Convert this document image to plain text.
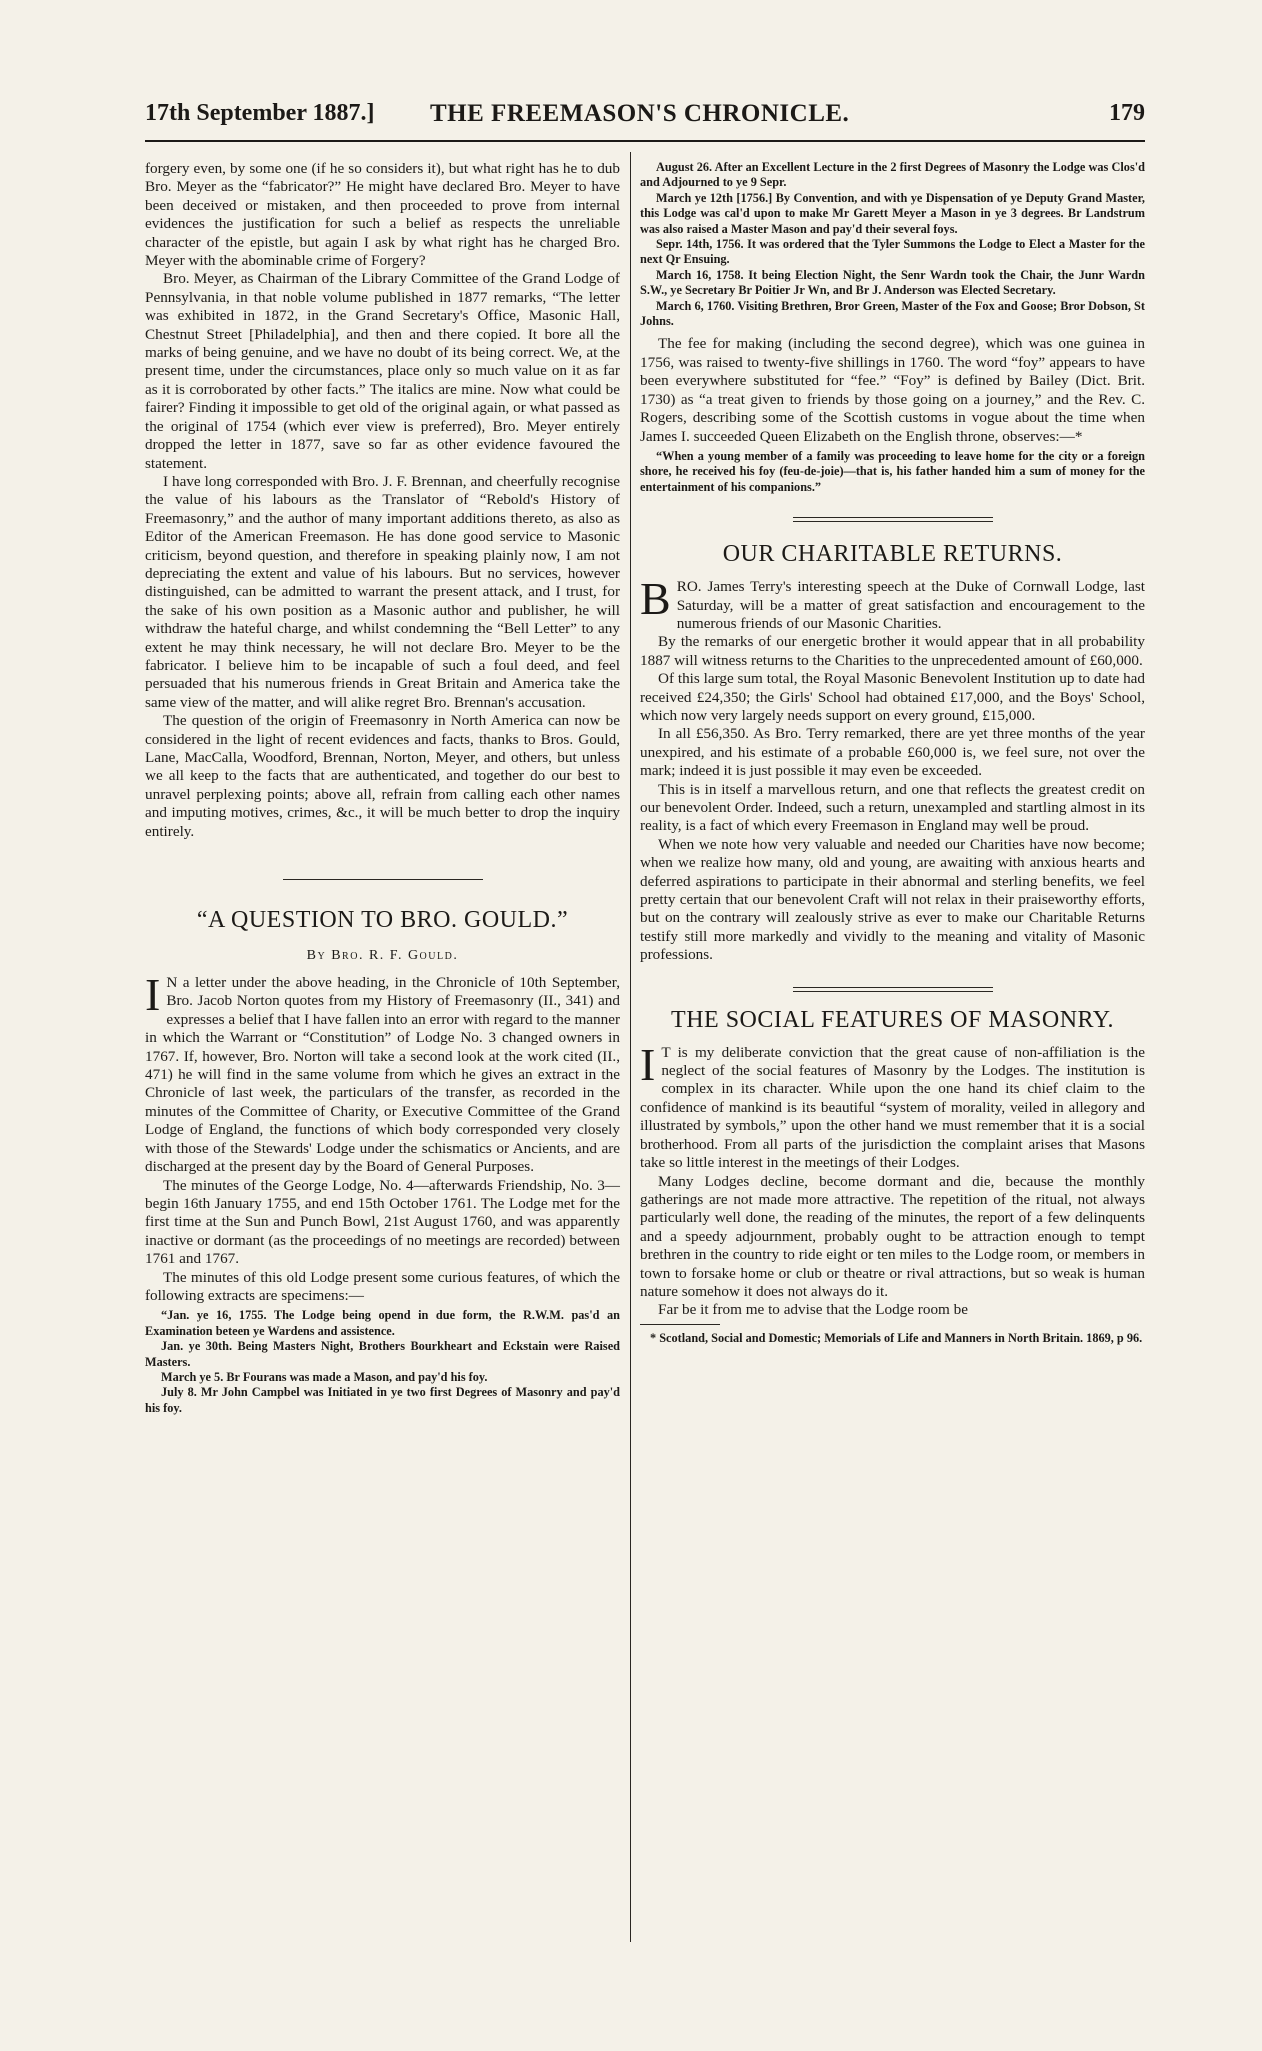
17th September 1887.] THE FREEMASON'S CHRONICLE.	179

forgery even, by some one (if he so considers it), but what right has he to dub Bro. Meyer as the “fabricator?” He might have declared Bro. Meyer to have been deceived or mistaken, and then proceeded to prove from internal evidences the justification for such a belief as respects the unreliable character of the epistle, but again I ask by what right has he charged Bro. Meyer with the abominable crime of Forgery?

Bro. Meyer, as Chairman of the Library Committee of the Grand Lodge of Pennsylvania, in that noble volume published in 1877 remarks, “The letter was exhibited in 1872, in the Grand Secretary's Office, Masonic Hall, Chestnut Street [Philadelphia], and then and there copied. It bore all the marks of being genuine, and we have no doubt of its being correct. We, at the present time, under the circumstances, place only so much value on it as far as it is corroborated by other facts.” The italics are mine. Now what could be fairer? Finding it impossible to get old of the original again, or what passed as the original of 1754 (which ever view is preferred), Bro. Meyer entirely dropped the letter in 1877, save so far as other evidence favoured the statement.

I have long corresponded with Bro. J. F. Brennan, and cheerfully recognise the value of his labours as the Translator of “Rebold's History of Freemasonry,” and the author of many important additions thereto, as also as Editor of the American Freemason. He has done good service to Masonic criticism, beyond question, and therefore in speaking plainly now, I am not depreciating the extent and value of his labours. But no services, however distinguished, can be admitted to warrant the present attack, and I trust, for the sake of his own position as a Masonic author and publisher, he will withdraw the hateful charge, and whilst condemning the “Bell Letter” to any extent he may think necessary, he will not declare Bro. Meyer to be the fabricator. I believe him to be incapable of such a foul deed, and feel persuaded that his numerous friends in Great Britain and America take the same view of the matter, and will alike regret Bro. Brennan's accusation.

The question of the origin of Freemasonry in North America can now be considered in the light of recent evidences and facts, thanks to Bros. Gould, Lane, MacCalla, Woodford, Brennan, Norton, Meyer, and others, but unless we all keep to the facts that are authenticated, and together do our best to unravel perplexing points; above all, refrain from calling each other names and imputing motives, crimes, &c., it will be much better to drop the inquiry entirely.

“A QUESTION TO BRO. GOULD.”
By Bro. R. F. Gould.
I N a letter under the above heading, in the Chronicle of 10th September, Bro. Jacob Norton quotes from my History of Freemasonry (II., 341) and expresses a belief that I have fallen into an error with regard to the manner in which the Warrant or “Constitution” of Lodge No. 3 changed owners in 1767. If, however, Bro. Norton will take a second look at the work cited (II., 471) he will find in the same volume from which he gives an extract in the Chronicle of last week, the particulars of the transfer, as recorded in the minutes of the Committee of Charity, or Executive Committee of the Grand Lodge of England, the functions of which body corresponded very closely with those of the Stewards' Lodge under the schismatics or Ancients, and are discharged at the present day by the Board of General Purposes.

The minutes of the George Lodge, No. 4—afterwards Friendship, No. 3—begin 16th January 1755, and end 15th October 1761. The Lodge met for the first time at the Sun and Punch Bowl, 21st August 1760, and was apparently inactive or dormant (as the proceedings of no meetings are recorded) between 1761 and 1767.

The minutes of this old Lodge present some curious features, of which the following extracts are specimens:—

“Jan. ye 16, 1755. The Lodge being opend in due form, the R.W.M. pas'd an Examination beteen ye Wardens and assistence.

Jan. ye 30th. Being Masters Night, Brothers Bourkheart and Eckstain were Raised Masters.

March ye 5. Br Fourans was made a Mason, and pay'd his foy.

July 8. Mr John Campbel was Initiated in ye two first Degrees of Masonry and pay'd his foy.

August 26. After an Excellent Lecture in the 2 first Degrees of Masonry the Lodge was Clos'd and Adjourned to ye 9 Sepr.

March ye 12th [1756.] By Convention, and with ye Dispensation of ye Deputy Grand Master, this Lodge was cal'd upon to make Mr Garett Meyer a Mason in ye 3 degrees. Br Landstrum was also raised a Master Mason and pay'd their several foys.

Sepr. 14th, 1756. It was ordered that the Tyler Summons the Lodge to Elect a Master for the next Qr Ensuing.

March 16, 1758. It being Election Night, the Senr Wardn took the Chair, the Junr Wardn S.W., ye Secretary Br Poitier Jr Wn, and Br J. Anderson was Elected Secretary.

March 6, 1760. Visiting Brethren, Bror Green, Master of the Fox and Goose; Bror Dobson, St Johns.

The fee for making (including the second degree), which was one guinea in 1756, was raised to twenty-five shillings in 1760. The word “foy” appears to have been everywhere substituted for “fee.” “Foy” is defined by Bailey (Dict. Brit. 1730) as “a treat given to friends by those going on a journey,” and the Rev. C. Rogers, describing some of the Scottish customs in vogue about the time when James I. succeeded Queen Elizabeth on the English throne, observes:—*

“When a young member of a family was proceeding to leave home for the city or a foreign shore, he received his foy (feu-de-joie)—that is, his father handed him a sum of money for the entertainment of his companions.”

OUR CHARITABLE RETURNS.
B RO. James Terry's interesting speech at the Duke of Cornwall Lodge, last Saturday, will be a matter of great satisfaction and encouragement to the numerous friends of our Masonic Charities.

By the remarks of our energetic brother it would appear that in all probability 1887 will witness returns to the Charities to the unprecedented amount of £60,000.

Of this large sum total, the Royal Masonic Benevolent Institution up to date had received £24,350; the Girls' School had obtained £17,000, and the Boys' School, which now very largely needs support on every ground, £15,000.

In all £56,350. As Bro. Terry remarked, there are yet three months of the year unexpired, and his estimate of a probable £60,000 is, we feel sure, not over the mark; indeed it is just possible it may even be exceeded.

This is in itself a marvellous return, and one that reflects the greatest credit on our benevolent Order. Indeed, such a return, unexampled and startling almost in its reality, is a fact of which every Freemason in England may well be proud.

When we note how very valuable and needed our Charities have now become; when we realize how many, old and young, are awaiting with anxious hearts and deferred aspirations to participate in their abnormal and sterling benefits, we feel pretty certain that our benevolent Craft will not relax in their praiseworthy efforts, but on the contrary will zealously strive as ever to make our Charitable Returns testify still more markedly and vividly to the meaning and vitality of Masonic professions.

THE SOCIAL FEATURES OF MASONRY.
I T is my deliberate conviction that the great cause of non-affiliation is the neglect of the social features of Masonry by the Lodges. The institution is complex in its character. While upon the one hand its chief claim to the confidence of mankind is its beautiful “system of morality, veiled in allegory and illustrated by symbols,” upon the other hand we must remember that it is a social brotherhood. From all parts of the jurisdiction the complaint arises that Masons take so little interest in the meetings of their Lodges.

Many Lodges decline, become dormant and die, because the monthly gatherings are not made more attractive. The repetition of the ritual, not always particularly well done, the reading of the minutes, the report of a few delinquents and a speedy adjournment, probably ought to be attraction enough to tempt brethren in the country to ride eight or ten miles to the Lodge room, or members in town to forsake home or club or theatre or rival attractions, but so weak is human nature somehow it does not always do it.

Far be it from me to advise that the Lodge room be

* Scotland, Social and Domestic; Memorials of Life and Manners in North Britain. 1869, p 96.
